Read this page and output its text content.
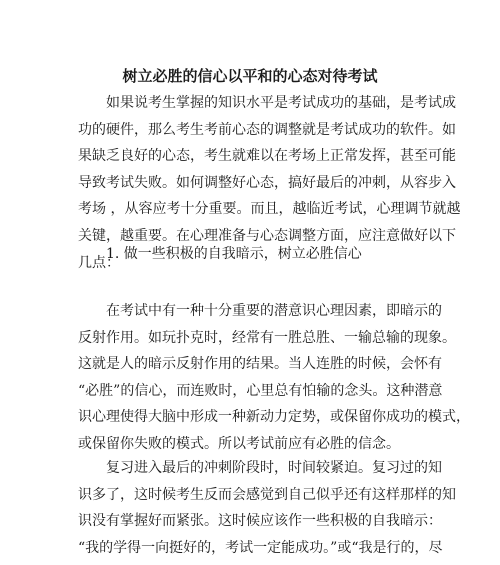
树立必胜的信心以平和的心态对待考试
如果说考生掌握的知识水平是考试成功的基础，是考试成
功的硬件，那么考生考前心态的调整就是考试成功的软件。如
果缺乏良好的心态，考生就难以在考场上正常发挥，甚至可能
导致考试失败。如何调整好心态，搞好最后的冲刺，从容步入
考场 ，从容应考十分重要。而且，越临近考试，心理调节就越
关键，越重要。在心理准备与心态调整方面，应注意做好以下
几点：
1. 做一些积极的自我暗示，树立必胜信心
在考试中有一种十分重要的潜意识心理因素，即暗示的
反射作用。如玩扑克时，经常有一胜总胜、一输总输的现象。
这就是人的暗示反射作用的结果。当人连胜的时候，会怀有
“必胜”的信心，而连败时，心里总有怕输的念头。这种潜意
识心理使得大脑中形成一种新动力定势，或保留你成功的模式，
或保留你失败的模式。所以考试前应有必胜的信念。
复习进入最后的冲刺阶段时，时间较紧迫。复习过的知
识多了，这时候考生反而会感觉到自己似乎还有这样那样的知
识没有掌握好而紧张。这时候应该作一些积极的自我暗示：
“我的学得一向挺好的，考试一定能成功。”或“我是行的，尽
